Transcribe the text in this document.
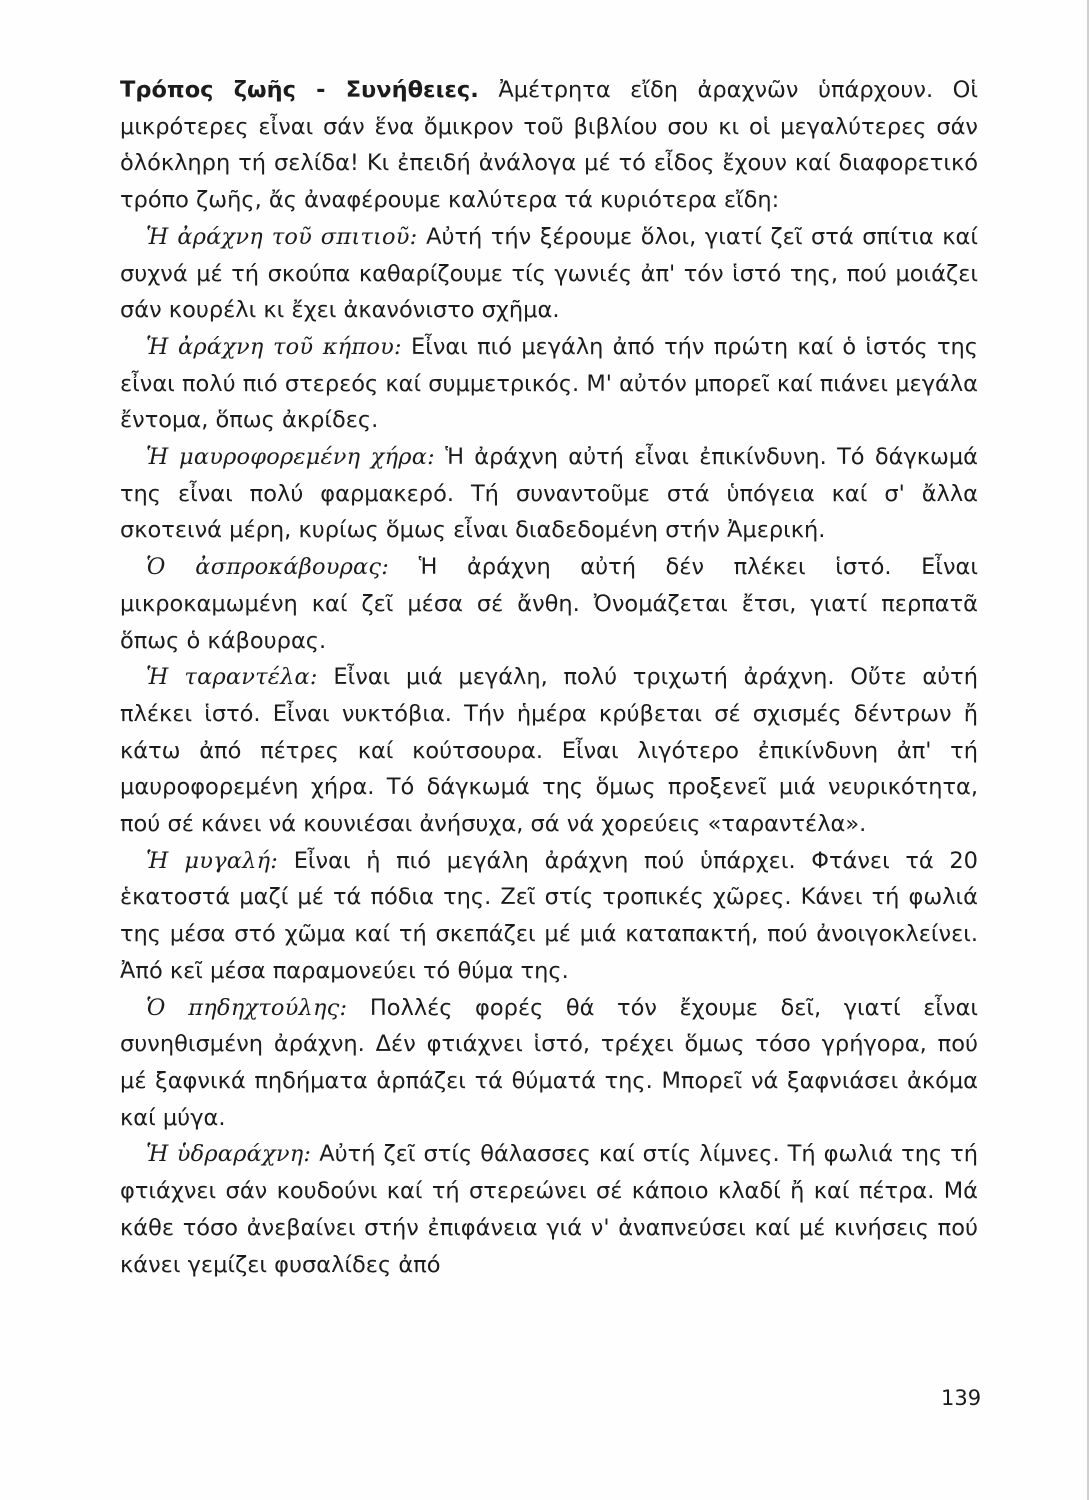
Τρόπος ζωῆς - Συνήθειες. Ἀμέτρητα εἴδη ἀραχνῶν ὑπάρχουν. Οἱ μικρότερες εἶναι σάν ἕνα ὄμικρον τοῦ βιβλίου σου κι οἱ μεγαλύτερες σάν ὁλόκληρη τή σελίδα! Κι ἐπειδή ἀνάλογα μέ τό εἶδος ἔχουν καί διαφορετικό τρόπο ζωῆς, ἄς ἀναφέρουμε καλύτερα τά κυριότερα εἴδη:

Ἡ ἀράχνη τοῦ σπιτιοῦ: Αὐτή τήν ξέρουμε ὅλοι, γιατί ζεῖ στά σπίτια καί συχνά μέ τή σκούπα καθαρίζουμε τίς γωνιές ἀπ' τόν ἱστό της, πού μοιάζει σάν κουρέλι κι ἔχει ἀκανόνιστο σχῆμα.

Ἡ ἀράχνη τοῦ κήπου: Εἶναι πιό μεγάλη ἀπό τήν πρώτη καί ὁ ἱστός της εἶναι πολύ πιό στερεός καί συμμετρικός. Μ' αὐτόν μπορεῖ καί πιάνει μεγάλα ἔντομα, ὅπως ἀκρίδες.

Ἡ μαυροφορεμένη χήρα: Ἡ ἀράχνη αὐτή εἶναι ἐπικίνδυνη. Τό δάγκωμά της εἶναι πολύ φαρμακερό. Τή συναντοῦμε στά ὑπόγεια καί σ' ἄλλα σκοτεινά μέρη, κυρίως ὅμως εἶναι διαδεδομένη στήν Ἀμερική.

Ὁ ἀσπροκάβουρας: Ἡ ἀράχνη αὐτή δέν πλέκει ἱστό. Εἶναι μικροκαμωμένη καί ζεῖ μέσα σέ ἄνθη. Ὀνομάζεται ἔτσι, γιατί περπατᾶ ὅπως ὁ κάβουρας.

Ἡ ταραντέλα: Εἶναι μιά μεγάλη, πολύ τριχωτή ἀράχνη. Οὔτε αὐτή πλέκει ἱστό. Εἶναι νυκτόβια. Τήν ἡμέρα κρύβεται σέ σχισμές δέντρων ἤ κάτω ἀπό πέτρες καί κούτσουρα. Εἶναι λιγότερο ἐπικίνδυνη ἀπ' τή μαυροφορεμένη χήρα. Τό δάγκωμά της ὅμως προξενεῖ μιά νευρικότητα, πού σέ κάνει νά κουνιέσαι ἀνήσυχα, σά νά χορεύεις «ταραντέλα».

Ἡ μυγαλή: Εἶναι ἡ πιό μεγάλη ἀράχνη πού ὑπάρχει. Φτάνει τά 20 ἑκατοστά μαζί μέ τά πόδια της. Ζεῖ στίς τροπικές χῶρες. Κάνει τή φωλιά της μέσα στό χῶμα καί τή σκεπάζει μέ μιά καταπακτή, πού ἀνοιγοκλείνει. Ἀπό κεῖ μέσα παραμονεύει τό θύμα της.

Ὁ πηδηχτούλης: Πολλές φορές θά τόν ἔχουμε δεῖ, γιατί εἶναι συνηθισμένη ἀράχνη. Δέν φτιάχνει ἱστό, τρέχει ὅμως τόσο γρήγορα, πού μέ ξαφνικά πηδήματα ἁρπάζει τά θύματά της. Μπορεῖ νά ξαφνιάσει ἀκόμα καί μύγα.

Ἡ ὑδραράχνη: Αὐτή ζεῖ στίς θάλασσες καί στίς λίμνες. Τή φωλιά της τή φτιάχνει σάν κουδούνι καί τή στερεώνει σέ κάποιο κλαδί ἤ καί πέτρα. Μά κάθε τόσο ἀνεβαίνει στήν ἐπιφάνεια γιά ν' ἀναπνεύσει καί μέ κινήσεις πού κάνει γεμίζει φυσαλίδες ἀπό

139
